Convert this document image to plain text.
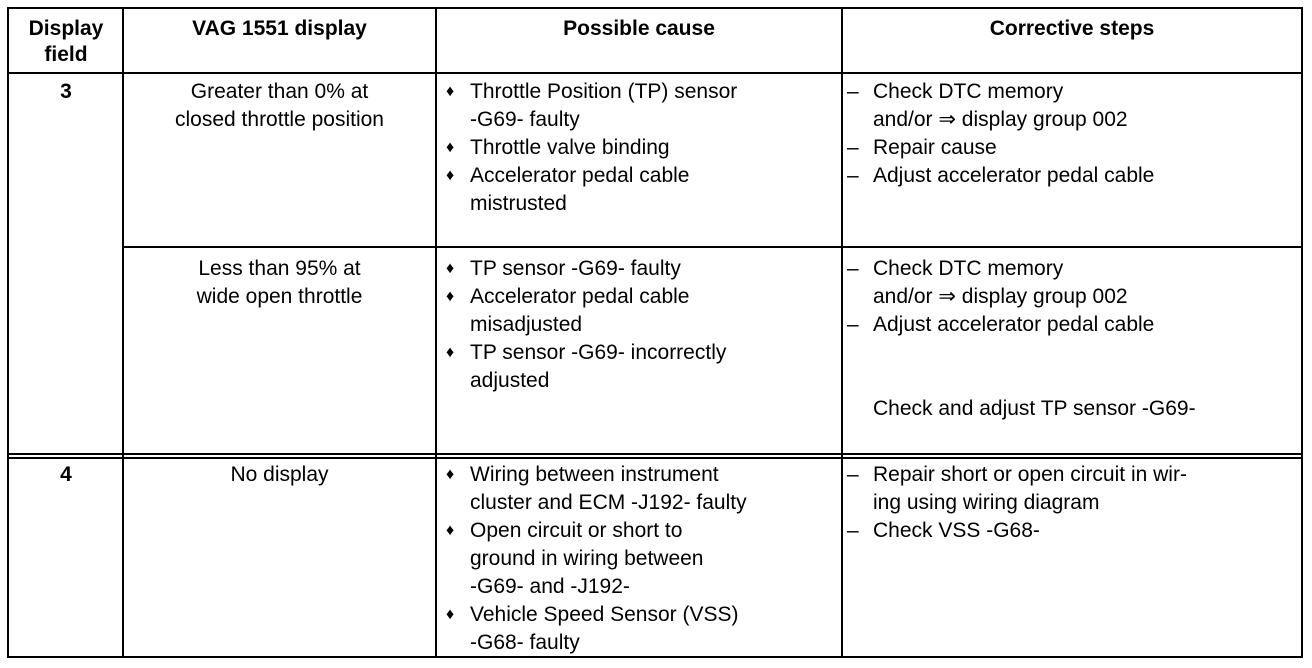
Display
field
VAG 1551 display	Possible cause	Corrective steps
3	Greater than 0% at
closed throttle position
♦ Throttle Position (TP) sensor
-G69- faulty
♦ Throttle valve binding
♦ Accelerator pedal cable
mistrusted
– Check DTC memory
and/or ⇒ display group 002
– Repair cause
– Adjust accelerator pedal cable
Less than 95% at
wide open throttle
♦ TP sensor -G69- faulty
♦ Accelerator pedal cable
misadjusted
♦ TP sensor -G69- incorrectly
adjusted
– Check DTC memory
and/or ⇒ display group 002
– Adjust accelerator pedal cable
Check and adjust TP sensor -G69-
4	No display
♦	Wiring between instrument
cluster and ECM -J192- faulty
♦ Open circuit or short to
ground in wiring between
-G69- and -J192-
♦ Vehicle Speed Sensor (VSS)
-G68- faulty
– Repair short or open circuit in wir-
ing using wiring diagram
– Check VSS -G68-
